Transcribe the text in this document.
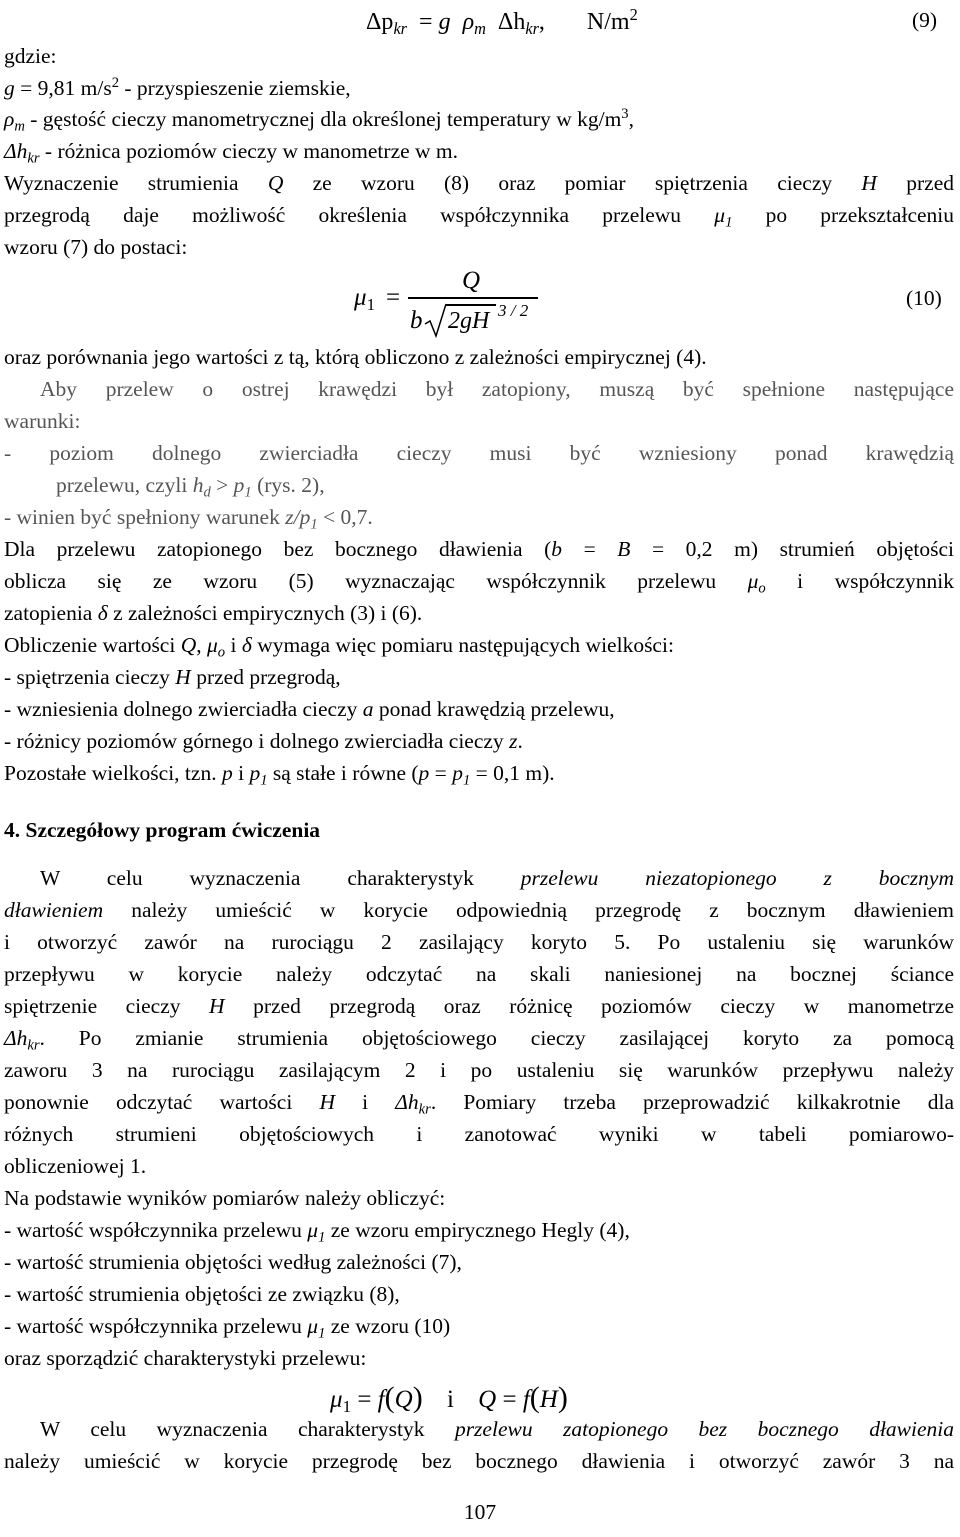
$\Delta p_{kr} = g$ $\rho_m$ $\Delta h_{kr}$, $N/m^2$	(9)
gdzie:
g = 9,81 $m/s^2$ - przyspieszenie ziemskie,
$\rho_m$ - gęstość cieczy manometrycznej dla określonej temperatury w $kg/m^3$,
$\Delta h_{kr}$ - różnica poziomów cieczy w manometrze w m.
Wyznaczenie strumienia Q ze wzoru (8) oraz pomiar spiętrzenia cieczy H przed
przegrodą daje możliwość określenia współczynnika przelewu $\mu_1$ po przekształceniu
wzoru (7) do postaci:
$\mu_1$ =
Q
b 2gH 3 / 2
(10)
oraz porównania jego wartości z tą, którą obliczono z zależności empirycznej (4).
Aby przelew o ostrej krawędzi był zatopiony, muszą być spełnione następujące
warunki:
- poziom dolnego zwierciadła cieczy musi być wzniesiony ponad krawędzią
przelewu, czyli $h_d > p_1$ (rys. 2),
- winien być spełniony warunek $z/p_1 < 0,7$.
Dla przelewu zatopionego bez bocznego dławienia (b = B = 0,2 m) strumień objętości
oblicza się ze wzoru (5) wyznaczając współczynnik przelewu $\mu_o$ i współczynnik
zatopienia δ z zależności empirycznych (3) i (6).
Obliczenie wartości Q, $\mu_o$ i δ wymaga więc pomiaru następujących wielkości:
- spiętrzenia cieczy H przed przegrodą,
- wzniesienia dolnego zwierciadła cieczy a ponad krawędzią przelewu,
- różnicy poziomów górnego i dolnego zwierciadła cieczy z.
Pozostałe wielkości, tzn. p i $p_1$ są stałe i równe ($p = p_1 = 0,1$ m).
4. Szczegółowy program ćwiczenia
W celu wyznaczenia charakterystyk przelewu niezatopionego z bocznym
dławieniem należy umieścić w korycie odpowiednią przegrodę z bocznym dławieniem
i otworzyć zawór na rurociągu 2 zasilający koryto 5. Po ustaleniu się warunków
przepływu w korycie należy odczytać na skali naniesionej na bocznej ściance
spiętrzenie cieczy H przed przegrodą oraz różnicę poziomów cieczy w manometrze
$\Delta h_{kr}$. Po zmianie strumienia objętościowego cieczy zasilającej koryto za pomocą
zaworu 3 na rurociągu zasilającym 2 i po ustaleniu się warunków przepływu należy
ponownie odczytać wartości H i $\Delta h_{kr}$. Pomiary trzeba przeprowadzić kilkakrotnie dla
różnych strumieni objętościowych i zanotować wyniki w tabeli pomiarowo-
obliczeniowej 1.
Na podstawie wyników pomiarów należy obliczyć:
- wartość współczynnika przelewu $\mu_1$ ze wzoru empirycznego Hegly (4),
- wartość strumienia objętości według zależności (7),
- wartość strumienia objętości ze związku (8),
- wartość współczynnika przelewu $\mu_1$ ze wzoru (10)
oraz sporządzić charakterystyki przelewu:
$\mu_1 = f(Q)$ i Q = f(H)
W celu wyznaczenia charakterystyk przelewu zatopionego bez bocznego dławienia
należy umieścić w korycie przegrodę bez bocznego dławienia i otworzyć zawór 3 na
107
